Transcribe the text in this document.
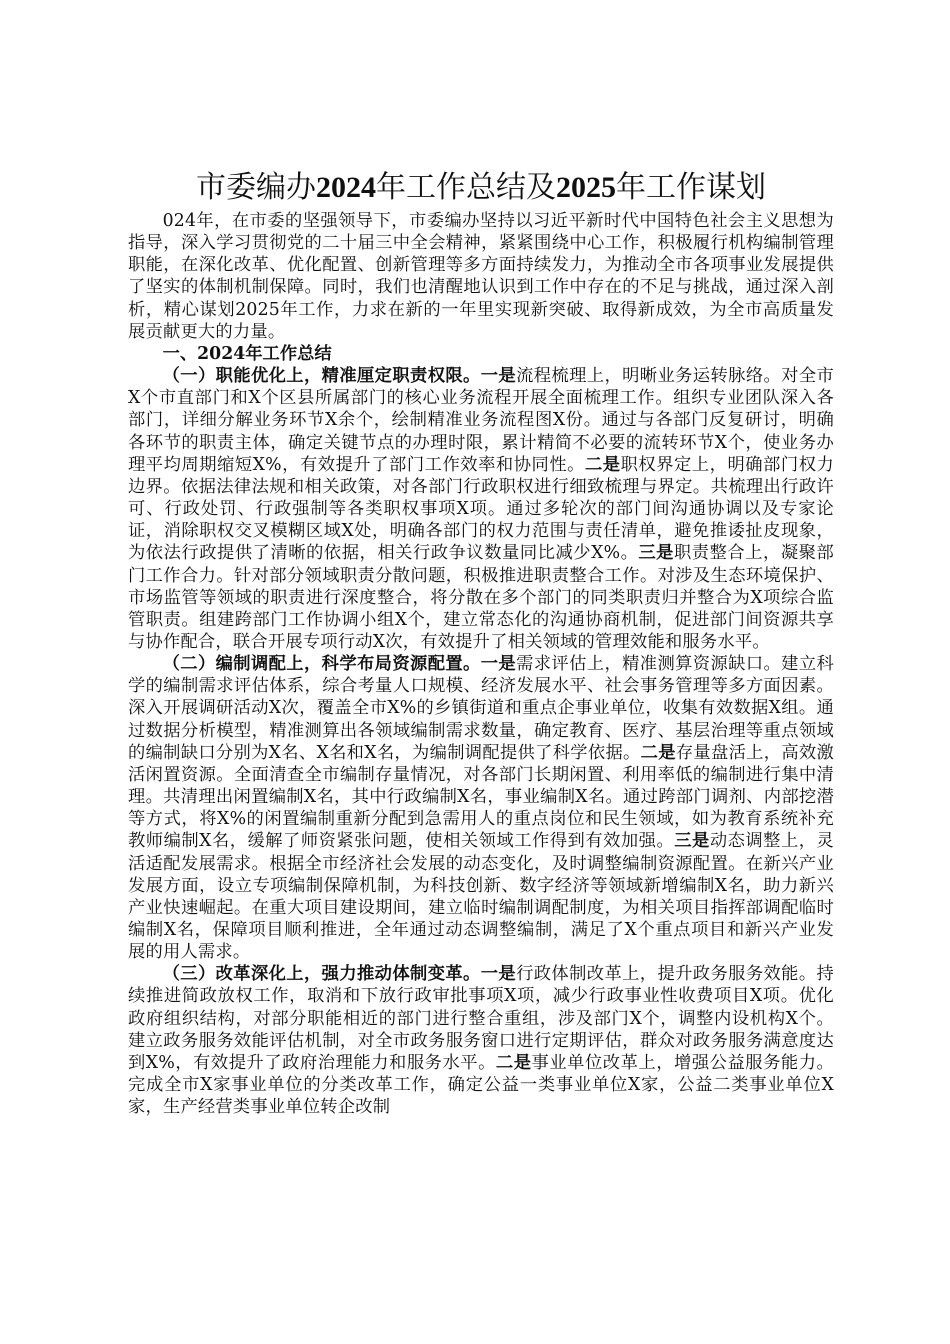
市委编办2024年工作总结及2025年工作谋划

024年，在市委的坚强领导下，市委编办坚持以习近平新时代中国特色社会主义思想为指导，深入学习贯彻党的二十届三中全会精神，紧紧围绕中心工作，积极履行机构编制管理职能，在深化改革、优化配置、创新管理等多方面持续发力，为推动全市各项事业发展提供了坚实的体制机制保障。同时，我们也清醒地认识到工作中存在的不足与挑战，通过深入剖析，精心谋划2025年工作，力求在新的一年里实现新突破、取得新成效，为全市高质量发展贡献更大的力量。

一、2024年工作总结

（一）职能优化上，精准厘定职责权限。一是流程梳理上，明晰业务运转脉络。对全市X个市直部门和X个区县所属部门的核心业务流程开展全面梳理工作。组织专业团队深入各部门，详细分解业务环节X余个，绘制精准业务流程图X份。通过与各部门反复研讨，明确各环节的职责主体，确定关键节点的办理时限，累计精简不必要的流转环节X个，使业务办理平均周期缩短X%，有效提升了部门工作效率和协同性。二是职权界定上，明确部门权力边界。依据法律法规和相关政策，对各部门行政职权进行细致梳理与界定。共梳理出行政许可、行政处罚、行政强制等各类职权事项X项。通过多轮次的部门间沟通协调以及专家论证，消除职权交叉模糊区域X处，明确各部门的权力范围与责任清单，避免推诿扯皮现象，为依法行政提供了清晰的依据，相关行政争议数量同比减少X%。三是职责整合上，凝聚部门工作合力。针对部分领域职责分散问题，积极推进职责整合工作。对涉及生态环境保护、市场监管等领域的职责进行深度整合，将分散在多个部门的同类职责归并整合为X项综合监管职责。组建跨部门工作协调小组X个，建立常态化的沟通协商机制，促进部门间资源共享与协作配合，联合开展专项行动X次，有效提升了相关领域的管理效能和服务水平。

（二）编制调配上，科学布局资源配置。一是需求评估上，精准测算资源缺口。建立科学的编制需求评估体系，综合考量人口规模、经济发展水平、社会事务管理等多方面因素。深入开展调研活动X次，覆盖全市X%的乡镇街道和重点企事业单位，收集有效数据X组。通过数据分析模型，精准测算出各领域编制需求数量，确定教育、医疗、基层治理等重点领域的编制缺口分别为X名、X名和X名，为编制调配提供了科学依据。二是存量盘活上，高效激活闲置资源。全面清查全市编制存量情况，对各部门长期闲置、利用率低的编制进行集中清理。共清理出闲置编制X名，其中行政编制X名，事业编制X名。通过跨部门调剂、内部挖潜等方式，将X%的闲置编制重新分配到急需用人的重点岗位和民生领域，如为教育系统补充教师编制X名，缓解了师资紧张问题，使相关领域工作得到有效加强。三是动态调整上，灵活适配发展需求。根据全市经济社会发展的动态变化，及时调整编制资源配置。在新兴产业发展方面，设立专项编制保障机制，为科技创新、数字经济等领域新增编制X名，助力新兴产业快速崛起。在重大项目建设期间，建立临时编制调配制度，为相关项目指挥部调配临时编制X名，保障项目顺利推进，全年通过动态调整编制，满足了X个重点项目和新兴产业发展的用人需求。

（三）改革深化上，强力推动体制变革。一是行政体制改革上，提升政务服务效能。持续推进简政放权工作，取消和下放行政审批事项X项，减少行政事业性收费项目X项。优化政府组织结构，对部分职能相近的部门进行整合重组，涉及部门X个，调整内设机构X个。建立政务服务效能评估机制，对全市政务服务窗口进行定期评估，群众对政务服务满意度达到X%，有效提升了政府治理能力和服务水平。二是事业单位改革上，增强公益服务能力。完成全市X家事业单位的分类改革工作，确定公益一类事业单位X家，公益二类事业单位X家，生产经营类事业单位转企改制
